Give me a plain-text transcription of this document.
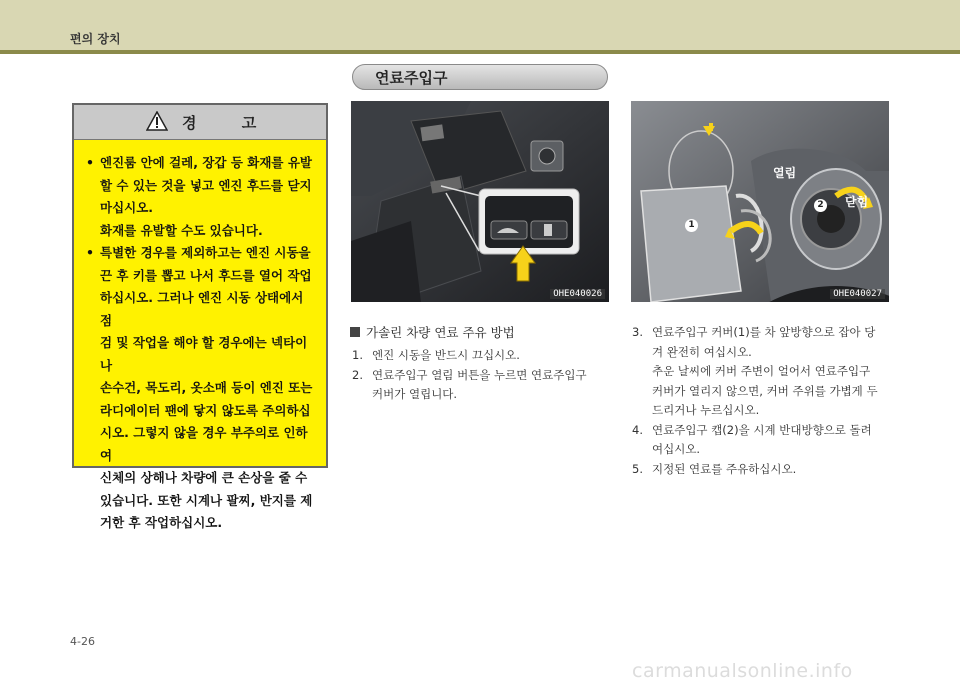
편의 장치
연료주입구
경 고
• 엔진룸 안에 걸레, 장갑 등 화재를 유발
할 수 있는 것을 넣고 엔진 후드를 닫지
마십시오.
화재를 유발할 수도 있습니다.
• 특별한 경우를 제외하고는 엔진 시동을
끈 후 키를 뽑고 나서 후드를 열어 작업
하십시오. 그러나 엔진 시동 상태에서 점
검 및 작업을 해야 할 경우에는 넥타이나
손수건, 목도리, 옷소매 등이 엔진 또는
라디에이터 팬에 닿지 않도록 주의하십
시오. 그렇지 않을 경우 부주의로 인하여
신체의 상해나 차량에 큰 손상을 줄 수
있습니다. 또한 시계나 팔찌, 반지를 제
거한 후 작업하십시오.
OHE040026
열림
닫힘
1
2
OHE040027
가솔린 차량 연료 주유 방법
1. 엔진 시동을 반드시 끄십시오.
2. 연료주입구 열림 버튼을 누르면 연료주입구
커버가 열립니다.
3. 연료주입구 커버(1)를 차 앞방향으로 잡아 당
겨 완전히 여십시오.
추운 날씨에 커버 주변이 얼어서 연료주입구
커버가 열리지 않으면, 커버 주위를 가볍게 두
드리거나 누르십시오.
4. 연료주입구 캡(2)을 시계 반대방향으로 돌려
여십시오.
5. 지정된 연료를 주유하십시오.
4-26
carmanualsonline.info
